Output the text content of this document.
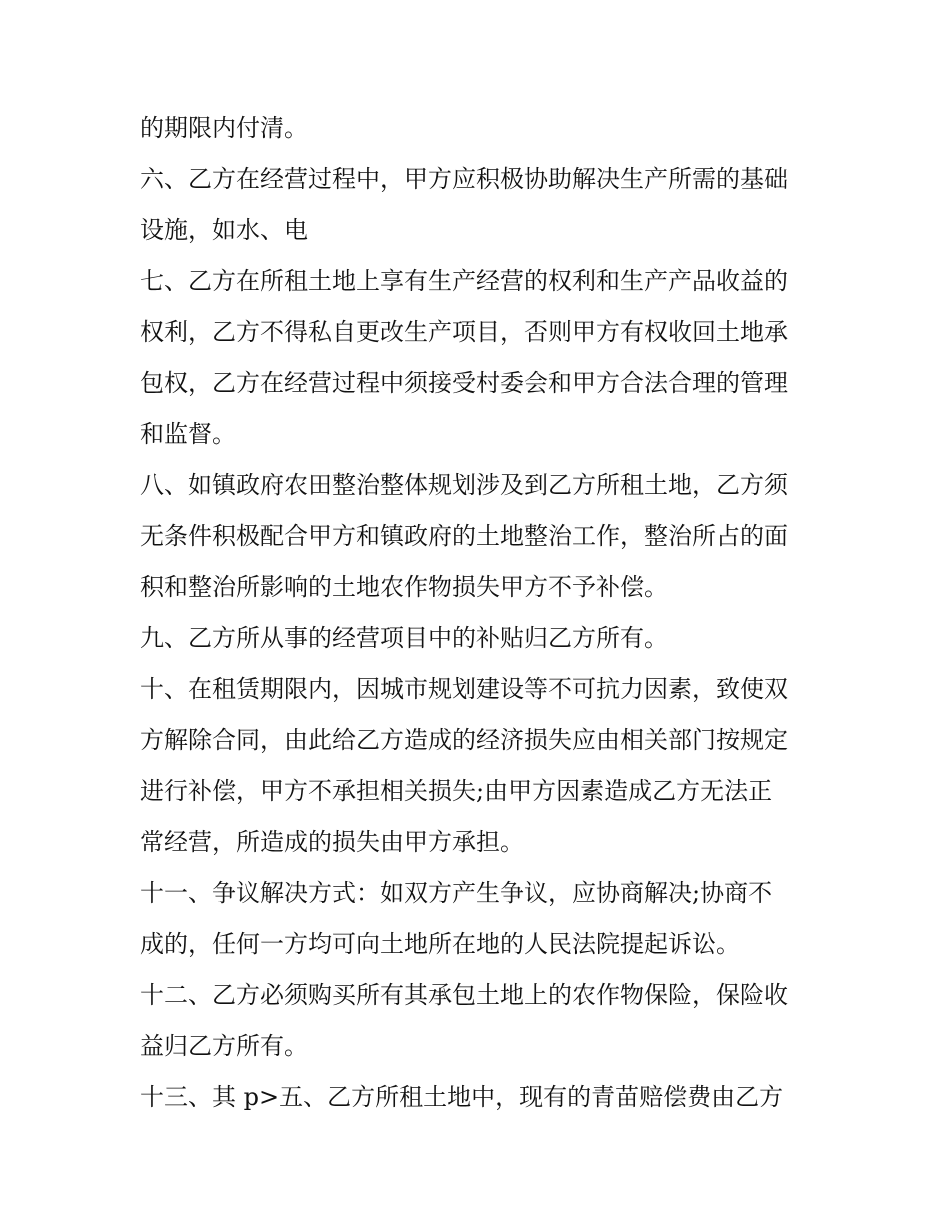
的期限内付清。
六、乙方在经营过程中，甲方应积极协助解决生产所需的基础
设施，如水、电
七、乙方在所租土地上享有生产经营的权利和生产产品收益的
权利，乙方不得私自更改生产项目，否则甲方有权收回土地承
包权，乙方在经营过程中须接受村委会和甲方合法合理的管理
和监督。
八、如镇政府农田整治整体规划涉及到乙方所租土地，乙方须
无条件积极配合甲方和镇政府的土地整治工作，整治所占的面
积和整治所影响的土地农作物损失甲方不予补偿。
九、乙方所从事的经营项目中的补贴归乙方所有。
十、在租赁期限内，因城市规划建设等不可抗力因素，致使双
方解除合同，由此给乙方造成的经济损失应由相关部门按规定
进行补偿，甲方不承担相关损失;由甲方因素造成乙方无法正
常经营，所造成的损失由甲方承担。
十一、争议解决方式：如双方产生争议，应协商解决;协商不
成的，任何一方均可向土地所在地的人民法院提起诉讼。
十二、乙方必须购买所有其承包土地上的农作物保险，保险收
益归乙方所有。
十三、其 p>五、乙方所租土地中，现有的青苗赔偿费由乙方
